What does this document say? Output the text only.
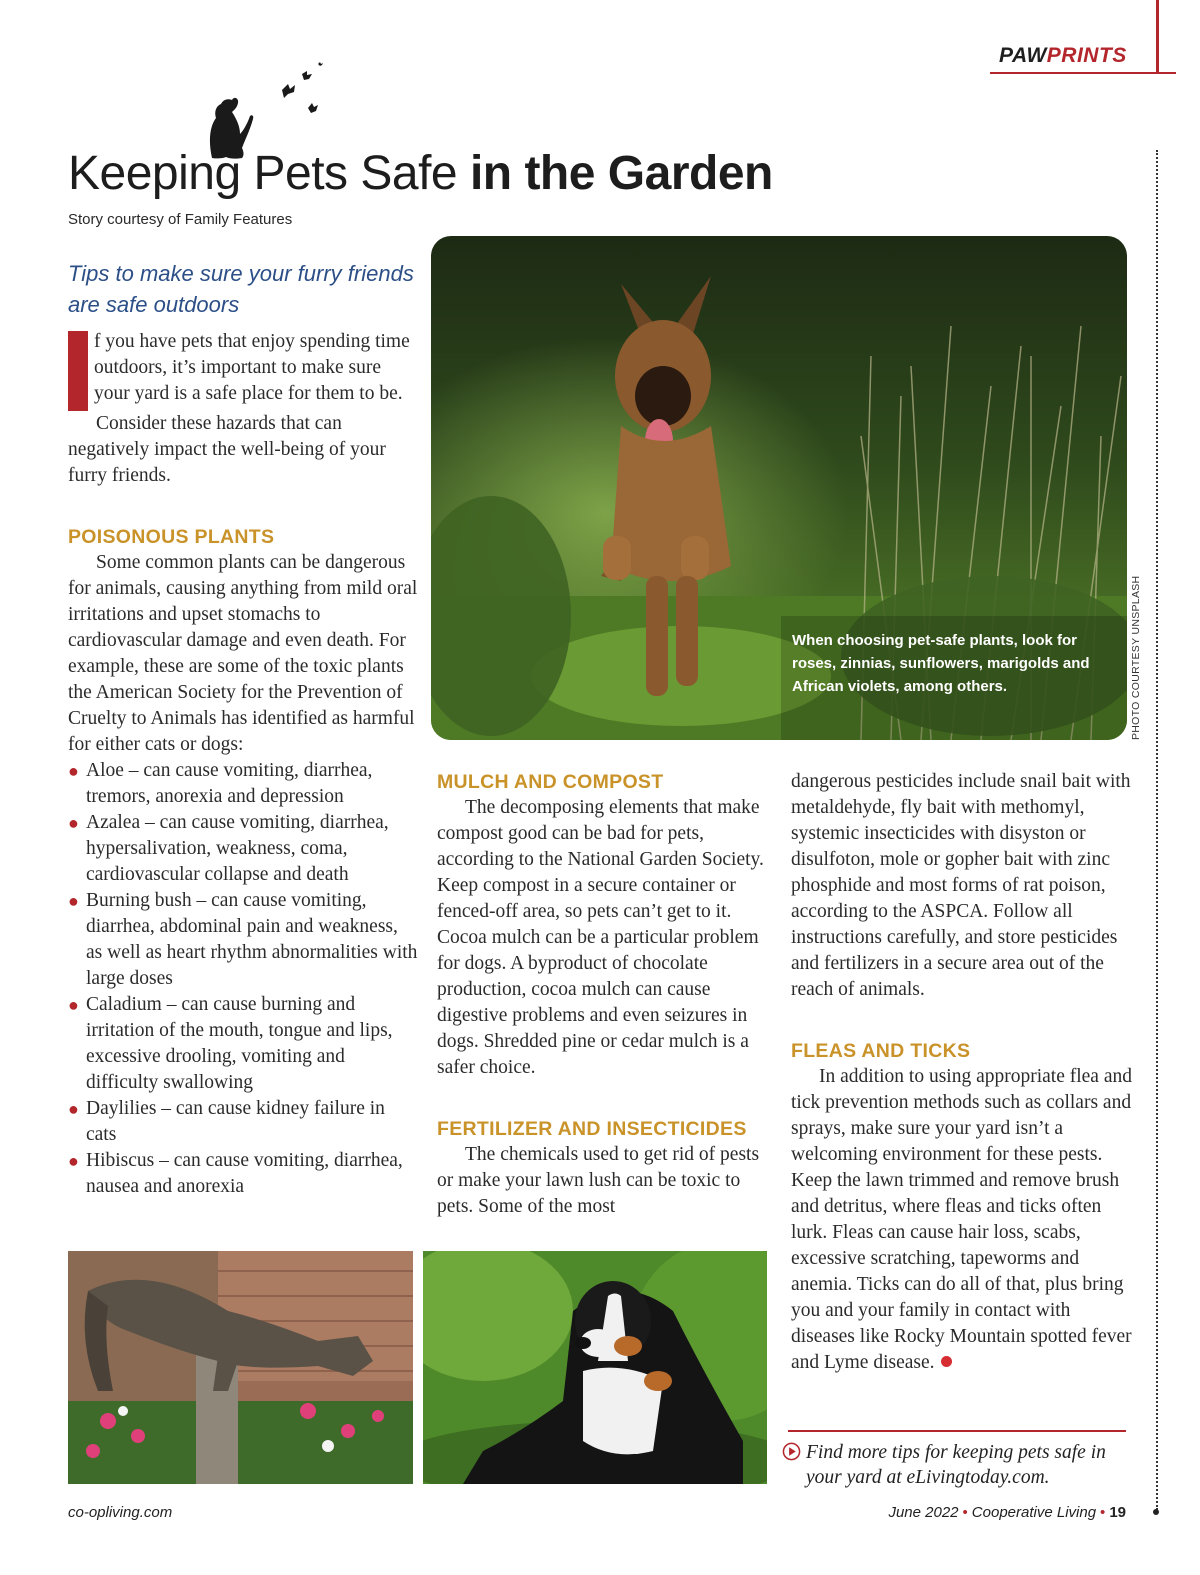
PAWPRINTS
Keeping Pets Safe in the Garden
Story courtesy of Family Features
Tips to make sure your furry friends are safe outdoors

f you have pets that enjoy spending time outdoors, it’s important to make sure your yard is a safe place for them to be.

Consider these hazards that can negatively impact the well-being of your furry friends.

POISONOUS PLANTS

Some common plants can be dangerous for animals, causing anything from mild oral irritations and upset stomachs to cardiovascular damage and even death. For example, these are some of the toxic plants the American Society for the Prevention of Cruelty to Animals has identified as harmful for either cats or dogs:

● Aloe – can cause vomiting, diarrhea, tremors, anorexia and depression
● Azalea – can cause vomiting, diarrhea, hypersalivation, weakness, coma, cardiovascular collapse and death
● Burning bush – can cause vomiting, diarrhea, abdominal pain and weakness, as well as heart rhythm abnormalities with large doses
● Caladium – can cause burning and irritation of the mouth, tongue and lips, excessive drooling, vomiting and difficulty swallowing
● Daylilies – can cause kidney failure in cats
● Hibiscus – can cause vomiting, diarrhea, nausea and anorexia
When choosing pet-safe plants, look for roses, zinnias, sunflowers, marigolds and African violets, among others.	PHOTO COURTESY UNSPLASH
MULCH AND COMPOST

The decomposing elements that make compost good can be bad for pets, according to the National Garden Society. Keep compost in a secure container or fenced-off area, so pets can’t get to it. Cocoa mulch can be a particular problem for dogs. A byproduct of chocolate production, cocoa mulch can cause digestive problems and even seizures in dogs. Shredded pine or cedar mulch is a safer choice.

FERTILIZER AND INSECTICIDES

The chemicals used to get rid of pests or make your lawn lush can be toxic to pets. Some of the most

dangerous pesticides include snail bait with metaldehyde, fly bait with methomyl, systemic insecticides with disyston or disulfoton, mole or gopher bait with zinc phosphide and most forms of rat poison, according to the ASPCA. Follow all instructions carefully, and store pesticides and fertilizers in a secure area out of the reach of animals.

FLEAS AND TICKS

In addition to using appropriate flea and tick prevention methods such as collars and sprays, make sure your yard isn’t a welcoming environment for these pests. Keep the lawn trimmed and remove brush and detritus, where fleas and ticks often lurk. Fleas can cause hair loss, scabs, excessive scratching, tapeworms and anemia. Ticks can do all of that, plus bring you and your family in contact with diseases like Rocky Mountain spotted fever and Lyme disease.

Find more tips for keeping pets safe in your yard at eLivingtoday.com.
co-opliving.com	June 2022 • Cooperative Living • 19
